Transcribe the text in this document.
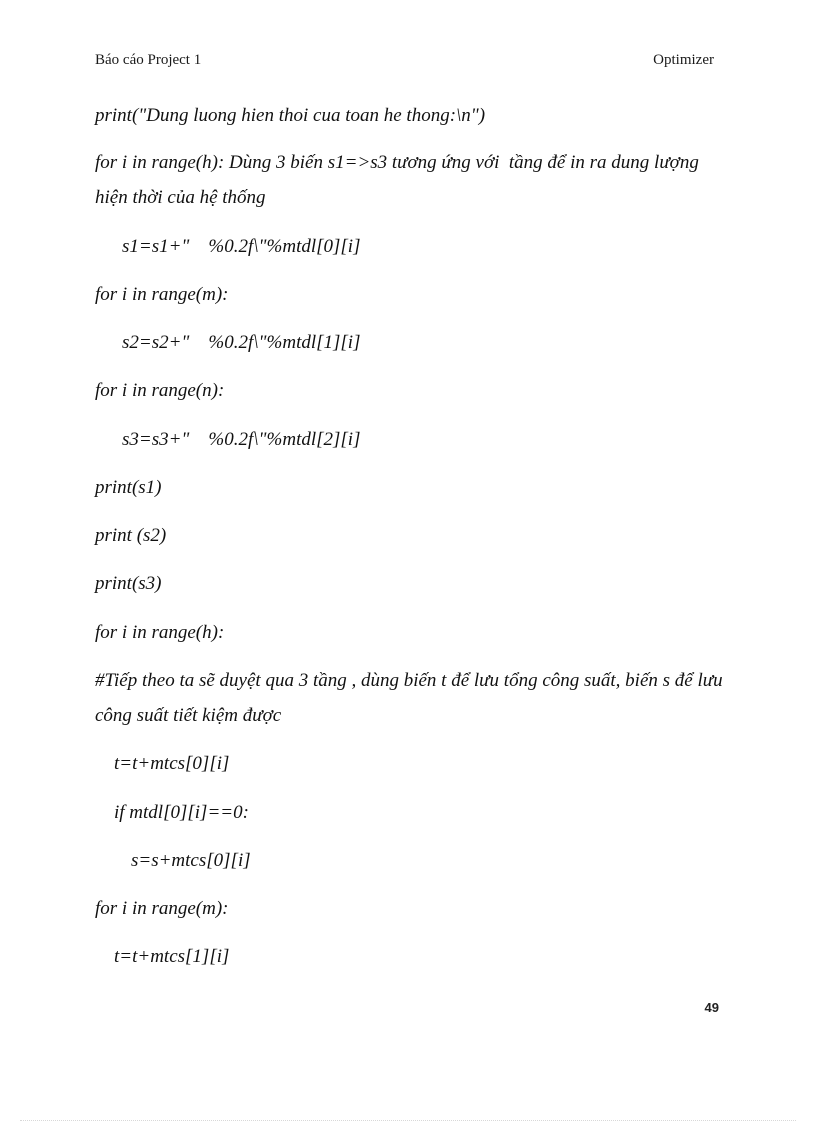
Báo cáo Project 1	Optimizer
print("Dung luong hien thoi cua toan he thong:\n")
for i in range(h): Dùng 3 biến s1=>s3 tương ứng với  tầng để in ra dung lượng
hiện thời của hệ thống
s1=s1+"    %0.2f\"%mtdl[0][i]
for i in range(m):
s2=s2+"    %0.2f\"%mtdl[1][i]
for i in range(n):
s3=s3+"    %0.2f\"%mtdl[2][i]
print(s1)
print (s2)
print(s3)
for i in range(h):
#Tiếp theo ta sẽ duyệt qua 3 tầng , dùng biến t để lưu tổng công suất, biến s để lưu
công suất tiết kiệm được
t=t+mtcs[0][i]
if mtdl[0][i]==0:
s=s+mtcs[0][i]
for i in range(m):
t=t+mtcs[1][i]
49
